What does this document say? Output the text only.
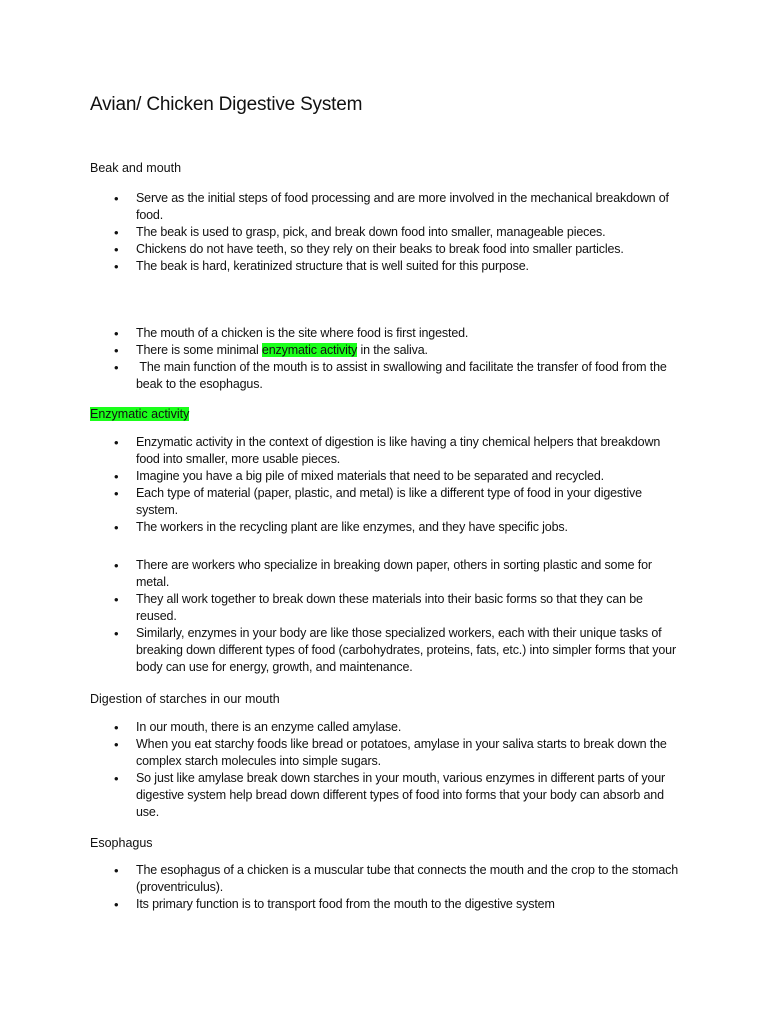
Avian/ Chicken Digestive System
Beak and mouth
• Serve as the initial steps of food processing and are more involved in the mechanical breakdown of food.
• The beak is used to grasp, pick, and break down food into smaller, manageable pieces.
• Chickens do not have teeth, so they rely on their beaks to break food into smaller particles.
• The beak is hard, keratinized structure that is well suited for this purpose.
• The mouth of a chicken is the site where food is first ingested.
• There is some minimal enzymatic activity in the saliva.
•  The main function of the mouth is to assist in swallowing and facilitate the transfer of food from the beak to the esophagus.
Enzymatic activity
• Enzymatic activity in the context of digestion is like having a tiny chemical helpers that breakdown food into smaller, more usable pieces.
• Imagine you have a big pile of mixed materials that need to be separated and recycled.
• Each type of material (paper, plastic, and metal) is like a different type of food in your digestive system.
• The workers in the recycling plant are like enzymes, and they have specific jobs.
• There are workers who specialize in breaking down paper, others in sorting plastic and some for metal.
• They all work together to break down these materials into their basic forms so that they can be reused.
• Similarly, enzymes in your body are like those specialized workers, each with their unique tasks of breaking down different types of food (carbohydrates, proteins, fats, etc.) into simpler forms that your body can use for energy, growth, and maintenance.
Digestion of starches in our mouth
• In our mouth, there is an enzyme called amylase.
• When you eat starchy foods like bread or potatoes, amylase in your saliva starts to break down the complex starch molecules into simple sugars.
• So just like amylase break down starches in your mouth, various enzymes in different parts of your digestive system help bread down different types of food into forms that your body can absorb and use.
Esophagus
• The esophagus of a chicken is a muscular tube that connects the mouth and the crop to the stomach (proventriculus).
• Its primary function is to transport food from the mouth to the digestive system
